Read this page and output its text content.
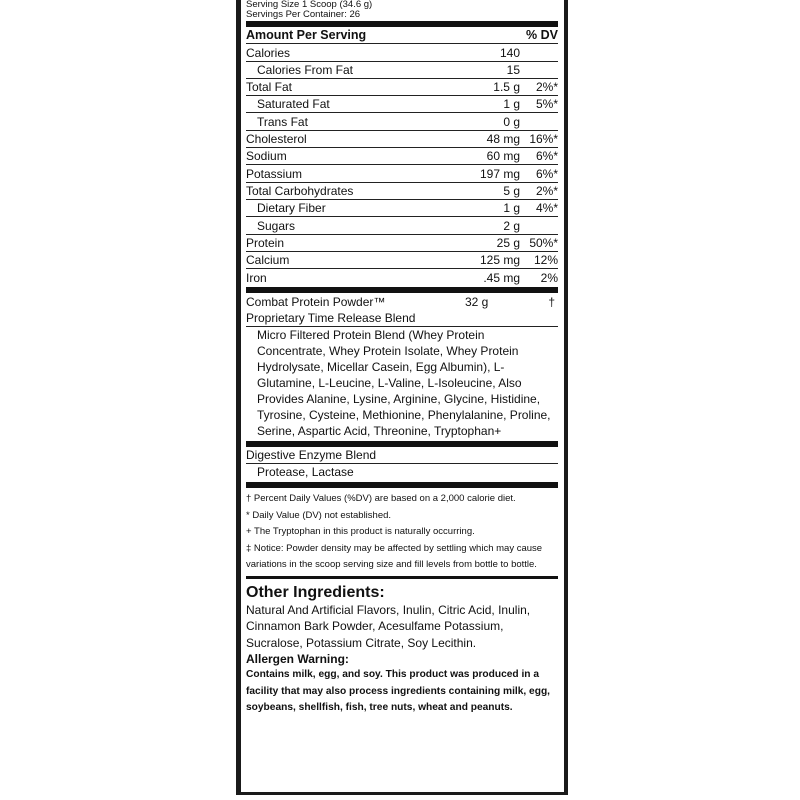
Serving Size 1 Scoop (34.6 g)
Servings Per Container: 26
Amount Per Serving	% DV
Calories	140
Calories From Fat	15
Total Fat	1.5 g	2%*
Saturated Fat	1 g	5%*
Trans Fat	0 g
Cholesterol	48 mg 16%*
Sodium	60 mg	6%*
Potassium	197 mg	6%*
Total Carbohydrates	5 g	2%*
Dietary Fiber	1 g	4%*
Sugars	2 g
Protein	25 g 50%*
Calcium	125 mg	12%
Iron	.45 mg	2%
Combat Protein Powder™	32 g	†
Proprietary Time Release Blend
Micro Filtered Protein Blend (Whey Protein Concentrate, Whey Protein Isolate, Whey Protein Hydrolysate, Micellar Casein, Egg Albumin), L-Glutamine, L-Leucine, L-Valine, L-Isoleucine, Also Provides Alanine, Lysine, Arginine, Glycine, Histidine, Tyrosine, Cysteine, Methionine, Phenylalanine, Proline, Serine, Aspartic Acid, Threonine, Tryptophan+
Digestive Enzyme Blend
Protease, Lactase

† Percent Daily Values (%DV) are based on a 2,000 calorie diet.

* Daily Value (DV) not established.

+ The Tryptophan in this product is naturally occurring.

‡ Notice: Powder density may be affected by settling which may cause variations in the scoop serving size and fill levels from bottle to bottle.

Other Ingredients:
Natural And Artificial Flavors, Inulin, Citric Acid, Inulin, Cinnamon Bark Powder, Acesulfame Potassium, Sucralose, Potassium Citrate, Soy Lecithin.
Allergen Warning:
Contains milk, egg, and soy. This product was produced in a facility that may also process ingredients containing milk, egg, soybeans, shellfish, fish, tree nuts, wheat and peanuts.
